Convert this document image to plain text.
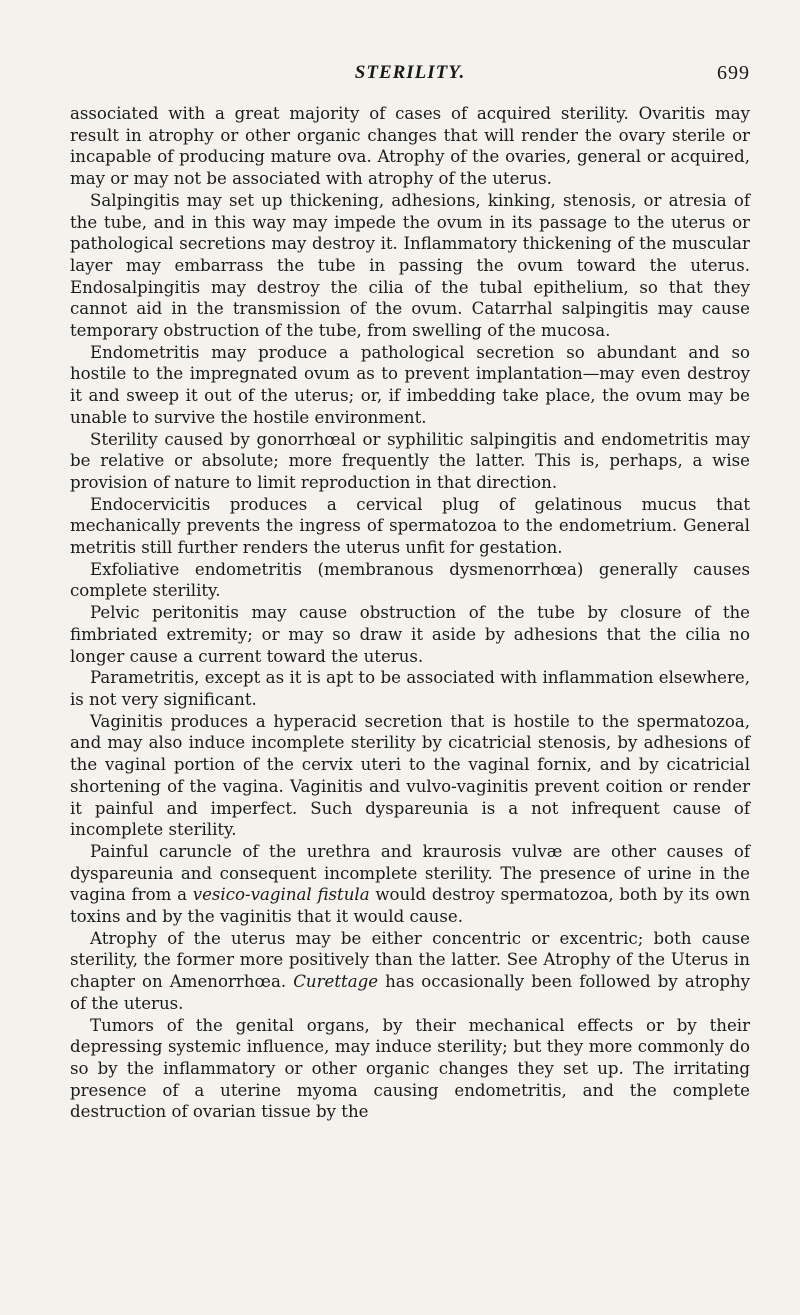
STERILITY.	699

associated with a great majority of cases of acquired sterility. Ovaritis may result in atrophy or other organic changes that will render the ovary sterile or incapable of producing mature ova. Atrophy of the ovaries, general or acquired, may or may not be associated with atrophy of the uterus.

Salpingitis may set up thickening, adhesions, kinking, stenosis, or atresia of the tube, and in this way may impede the ovum in its passage to the uterus or pathological secretions may destroy it. Inflammatory thickening of the muscular layer may embarrass the tube in passing the ovum toward the uterus. Endosalpingitis may destroy the cilia of the tubal epithelium, so that they cannot aid in the transmission of the ovum. Catarrhal salpingitis may cause temporary obstruction of the tube, from swelling of the mucosa.

Endometritis may produce a pathological secretion so abundant and so hostile to the impregnated ovum as to prevent implantation—may even destroy it and sweep it out of the uterus; or, if imbedding take place, the ovum may be unable to survive the hostile environment.

Sterility caused by gonorrhœal or syphilitic salpingitis and endometritis may be relative or absolute; more frequently the latter. This is, perhaps, a wise provision of nature to limit reproduction in that direction.

Endocervicitis produces a cervical plug of gelatinous mucus that mechanically prevents the ingress of spermatozoa to the endometrium. General metritis still further renders the uterus unfit for gestation.

Exfoliative endometritis (membranous dysmenorrhœa) generally causes complete sterility.

Pelvic peritonitis may cause obstruction of the tube by closure of the fimbriated extremity; or may so draw it aside by adhesions that the cilia no longer cause a current toward the uterus.

Parametritis, except as it is apt to be associated with inflammation elsewhere, is not very significant.

Vaginitis produces a hyperacid secretion that is hostile to the spermatozoa, and may also induce incomplete sterility by cicatricial stenosis, by adhesions of the vaginal portion of the cervix uteri to the vaginal fornix, and by cicatricial shortening of the vagina. Vaginitis and vulvo-vaginitis prevent coition or render it painful and imperfect. Such dyspareunia is a not infrequent cause of incomplete sterility.

Painful caruncle of the urethra and kraurosis vulvæ are other causes of dyspareunia and consequent incomplete sterility. The presence of urine in the vagina from a vesico-vaginal fistula would destroy spermatozoa, both by its own toxins and by the vaginitis that it would cause.

Atrophy of the uterus may be either concentric or excentric; both cause sterility, the former more positively than the latter. See Atrophy of the Uterus in chapter on Amenorrhœa. Curettage has occasionally been followed by atrophy of the uterus.

Tumors of the genital organs, by their mechanical effects or by their depressing systemic influence, may induce sterility; but they more commonly do so by the inflammatory or other organic changes they set up. The irritating presence of a uterine myoma causing endometritis, and the complete destruction of ovarian tissue by the
